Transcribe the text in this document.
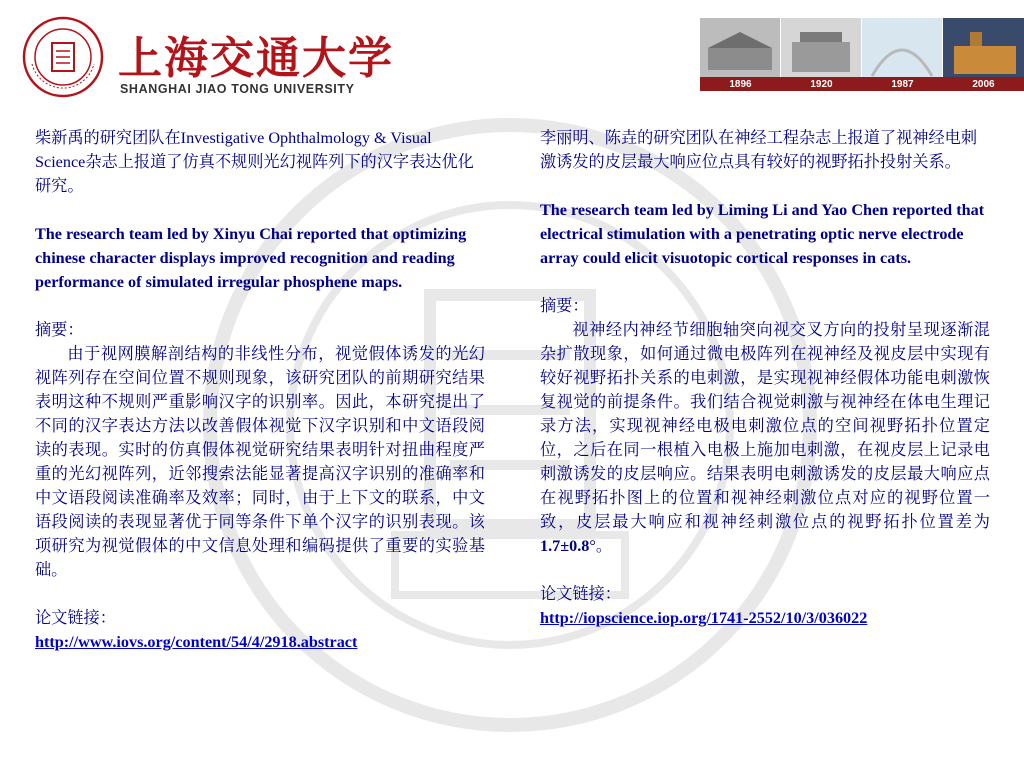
上海交通大学
SHANGHAI JIAO TONG UNIVERSITY	1896	1920	1987	2006

柴新禹的研究团队在Investigative Ophthalmology & Visual Science杂志上报道了仿真不规则光幻视阵列下的汉字表达优化研究。

The research team led by Xinyu Chai reported that optimizing chinese character displays improved recognition and reading performance of simulated irregular phosphene maps.

摘要：

由于视网膜解剖结构的非线性分布，视觉假体诱发的光幻视阵列存在空间位置不规则现象，该研究团队的前期研究结果表明这种不规则严重影响汉字的识别率。因此，本研究提出了不同的汉字表达方法以改善假体视觉下汉字识别和中文语段阅读的表现。实时的仿真假体视觉研究结果表明针对扭曲程度严重的光幻视阵列，近邻搜索法能显著提高汉字识别的准确率和中文语段阅读准确率及效率；同时，由于上下文的联系，中文语段阅读的表现显著优于同等条件下单个汉字的识别表现。该项研究为视觉假体的中文信息处理和编码提供了重要的实验基础。

论文链接：

http://www.iovs.org/content/54/4/2918.abstract

李丽明、陈垚的研究团队在神经工程杂志上报道了视神经电刺激诱发的皮层最大响应位点具有较好的视野拓扑投射关系。

The research team led by Liming Li and Yao Chen reported that electrical stimulation with a penetrating optic nerve electrode array could elicit visuotopic cortical responses in cats.

摘要：

视神经内神经节细胞轴突向视交叉方向的投射呈现逐渐混杂扩散现象，如何通过微电极阵列在视神经及视皮层中实现有较好视野拓扑关系的电刺激，是实现视神经假体功能电刺激恢复视觉的前提条件。我们结合视觉刺激与视神经在体电生理记录方法，实现视神经电极电刺激位点的空间视野拓扑位置定位，之后在同一根植入电极上施加电刺激，在视皮层上记录电刺激诱发的皮层响应。结果表明电刺激诱发的皮层最大响应点在视野拓扑图上的位置和视神经刺激位点对应的视野位置一致，皮层最大响应和视神经刺激位点的视野拓扑位置差为1.7±0.8°。

论文链接：

http://iopscience.iop.org/1741-2552/10/3/036022
